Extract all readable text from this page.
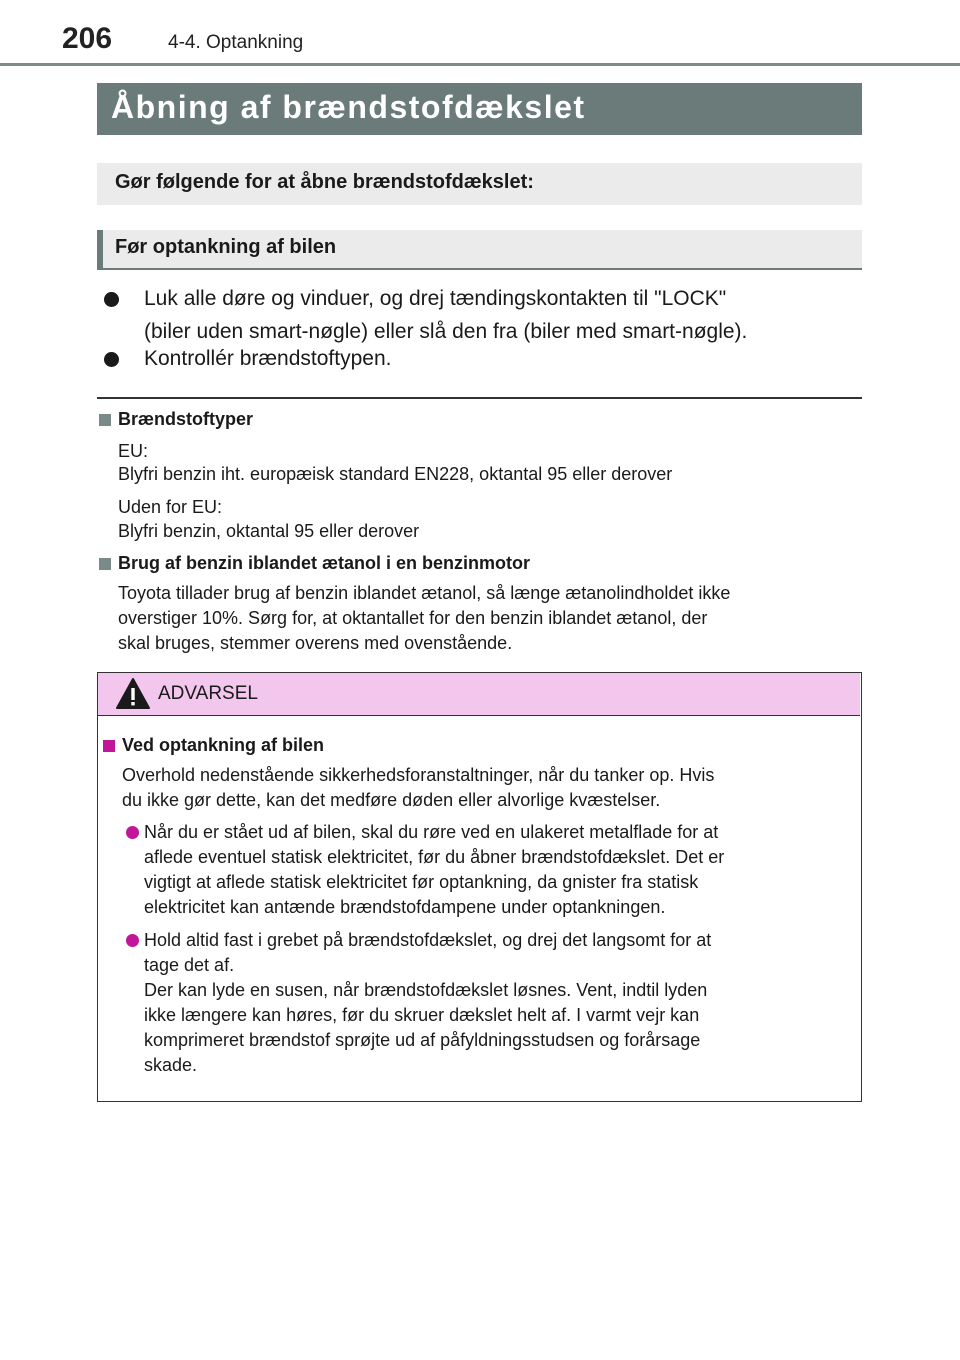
206	4-4. Optankning
Åbning af brændstofdækslet
Gør følgende for at åbne brændstofdækslet:
Før optankning af bilen
Luk alle døre og vinduer, og drej tændingskontakten til "LOCK"
(biler uden smart-nøgle) eller slå den fra (biler med smart-nøgle).
Kontrollér brændstoftypen.
Brændstoftyper
EU:
Blyfri benzin iht. europæisk standard EN228, oktantal 95 eller derover
Uden for EU:
Blyfri benzin, oktantal 95 eller derover
Brug af benzin iblandet ætanol i en benzinmotor
Toyota tillader brug af benzin iblandet ætanol, så længe ætanolindholdet ikke
overstiger 10%. Sørg for, at oktantallet for den benzin iblandet ætanol, der
skal bruges, stemmer overens med ovenstående.
ADVARSEL
Ved optankning af bilen
Overhold nedenstående sikkerhedsforanstaltninger, når du tanker op. Hvis
du ikke gør dette, kan det medføre døden eller alvorlige kvæstelser.
Når du er stået ud af bilen, skal du røre ved en ulakeret metalflade for at
aflede eventuel statisk elektricitet, før du åbner brændstofdækslet. Det er
vigtigt at aflede statisk elektricitet før optankning, da gnister fra statisk
elektricitet kan antænde brændstofdampene under optankningen.
Hold altid fast i grebet på brændstofdækslet, og drej det langsomt for at
tage det af.
Der kan lyde en susen, når brændstofdækslet løsnes. Vent, indtil lyden
ikke længere kan høres, før du skruer dækslet helt af. I varmt vejr kan
komprimeret brændstof sprøjte ud af påfyldningsstudsen og forårsage
skade.
